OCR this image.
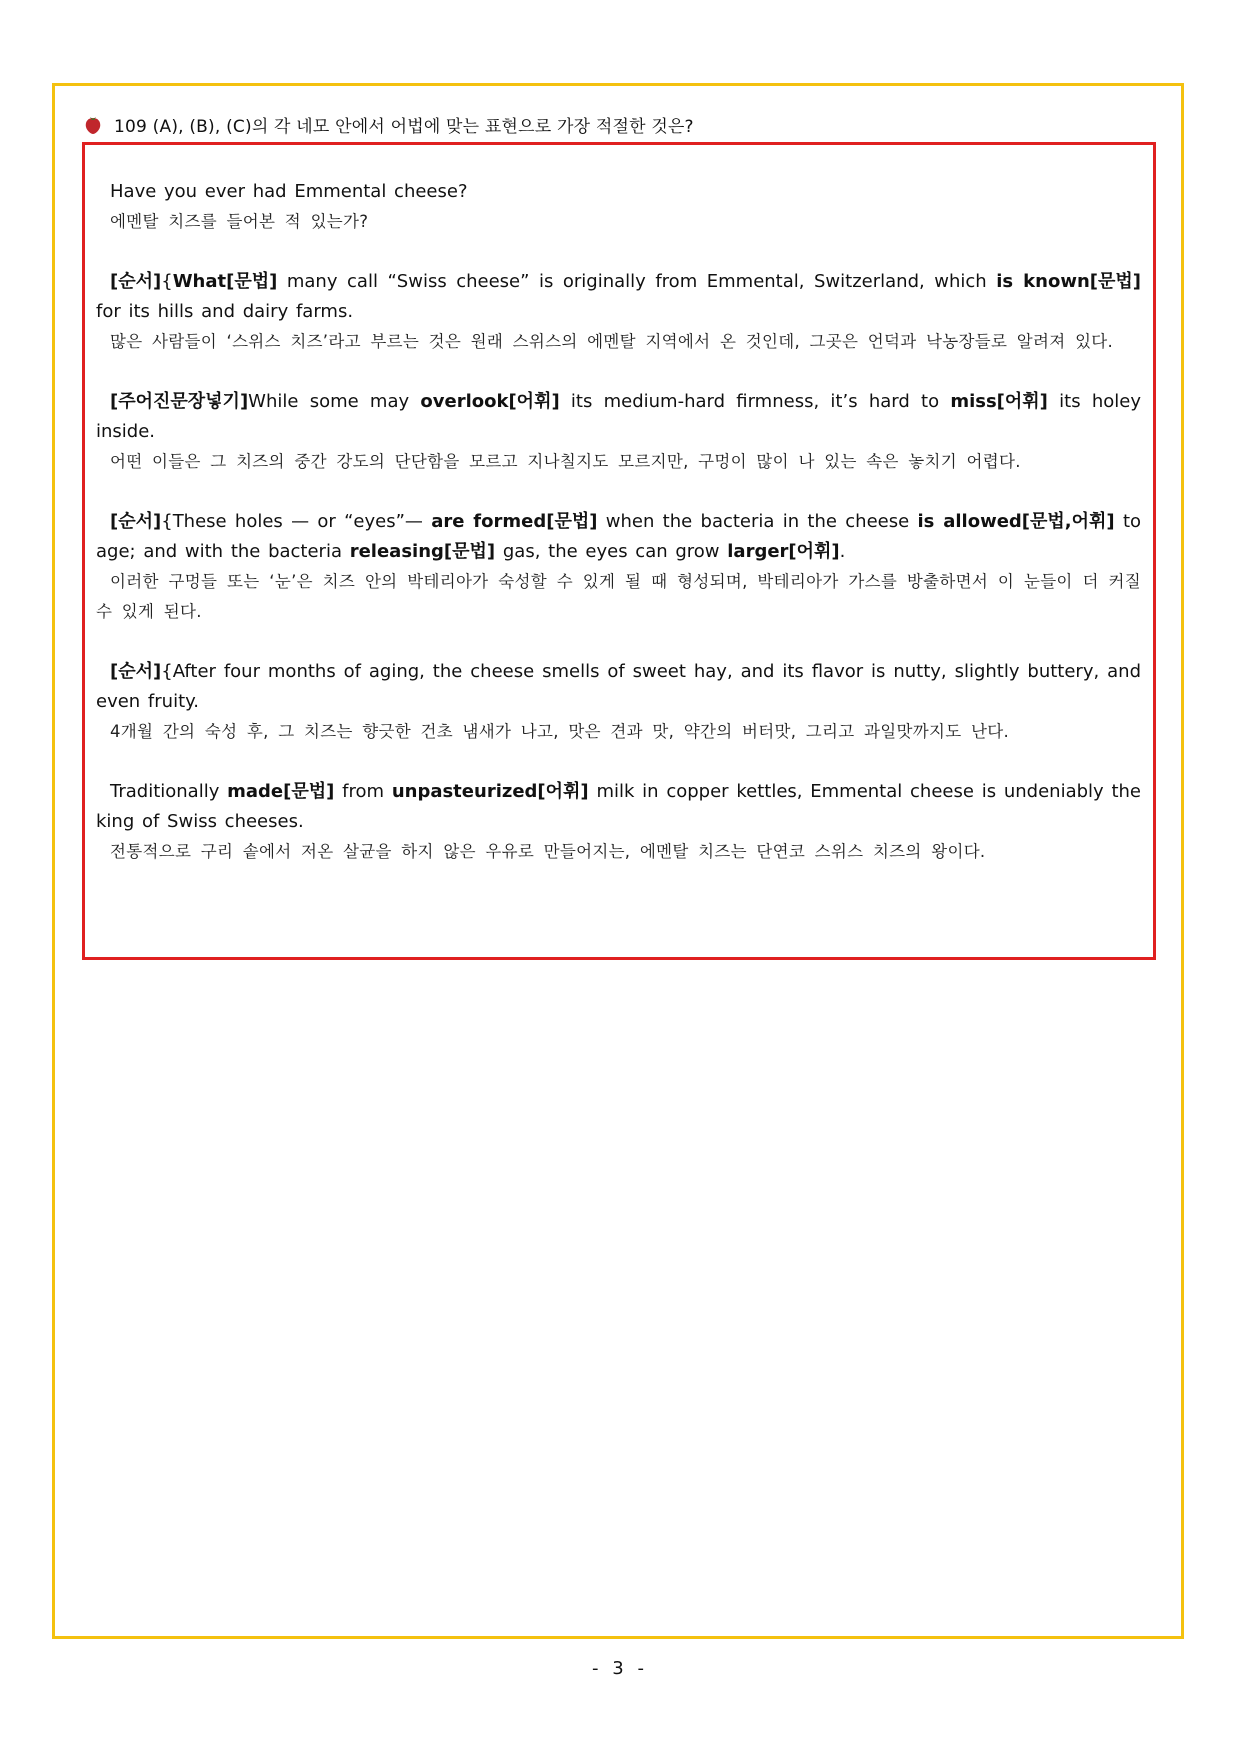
109 (A), (B), (C)의 각 네모 안에서 어법에 맞는 표현으로 가장 적절한 것은?
Have you ever had Emmental cheese?
에멘탈 치즈를 들어본 적 있는가?
[순서]{What[문법] many call “Swiss cheese” is originally from Emmental, Switzerland, which is known[문법] for its hills and dairy farms.
많은 사람들이 ‘스위스 치즈’라고 부르는 것은 원래 스위스의 에멘탈 지역에서 온 것인데, 그곳은 언덕과 낙농장들로 알려져 있다.
[주어진문장넣기]While some may overlook[어휘] its medium-hard firmness, it’s hard to miss[어휘] its holey inside.
어떤 이들은 그 치즈의 중간 강도의 단단함을 모르고 지나칠지도 모르지만, 구멍이 많이 나 있는 속은 놓치기 어렵다.
[순서]{These holes — or “eyes”— are formed[문법] when the bacteria in the cheese is allowed[문법,어휘] to age; and with the bacteria releasing[문법] gas, the eyes can grow larger[어휘].
이러한 구멍들 또는 ‘눈’은 치즈 안의 박테리아가 숙성할 수 있게 될 때 형성되며, 박테리아가 가스를 방출하면서 이 눈들이 더 커질 수 있게 된다.
[순서]{After four months of aging, the cheese smells of sweet hay, and its flavor is nutty, slightly buttery, and even fruity.
4개월 간의 숙성 후, 그 치즈는 향긋한 건초 냄새가 나고, 맛은 견과 맛, 약간의 버터맛, 그리고 과일맛까지도 난다.
Traditionally made[문법] from unpasteurized[어휘] milk in copper kettles, Emmental cheese is undeniably the king of Swiss cheeses.
전통적으로 구리 솥에서 저온 살균을 하지 않은 우유로 만들어지는, 에멘탈 치즈는 단연코 스위스 치즈의 왕이다.
- 3 -
